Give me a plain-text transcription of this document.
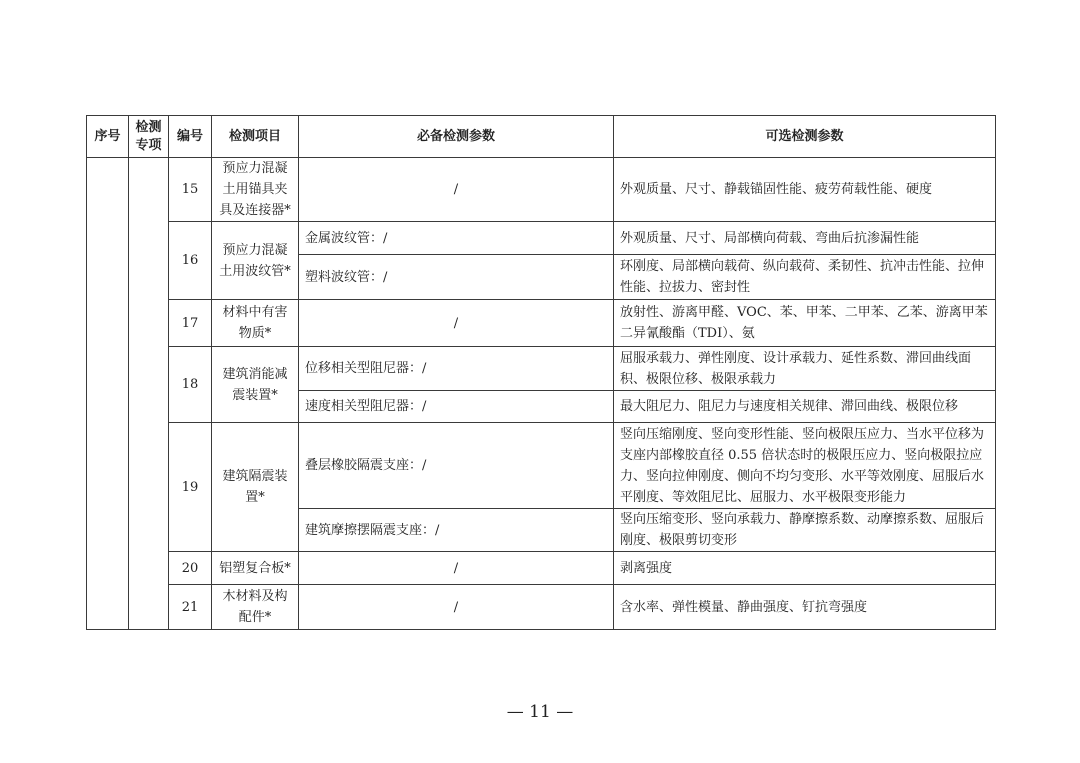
序号	检测专项	编号	检测项目	必备检测参数	可选检测参数
		15	预应力混凝土用锚具夹具及连接器*	/	外观质量、尺寸、静载锚固性能、疲劳荷载性能、硬度
		16	预应力混凝土用波纹管*	金属波纹管：/	外观质量、尺寸、局部横向荷载、弯曲后抗渗漏性能
				塑料波纹管：/	环刚度、局部横向载荷、纵向载荷、柔韧性、抗冲击性能、拉伸性能、拉拔力、密封性
		17	材料中有害物质*	/	放射性、游离甲醛、VOC、苯、甲苯、二甲苯、乙苯、游离甲苯二异氰酸酯（TDI）、氨
		18	建筑消能减震装置*	位移相关型阻尼器：/	屈服承载力、弹性刚度、设计承载力、延性系数、滞回曲线面积、极限位移、极限承载力
				速度相关型阻尼器：/	最大阻尼力、阻尼力与速度相关规律、滞回曲线、极限位移
		19	建筑隔震装置*	叠层橡胶隔震支座：/	竖向压缩刚度、竖向变形性能、竖向极限压应力、当水平位移为支座内部橡胶直径 0.55 倍状态时的极限压应力、竖向极限拉应力、竖向拉伸刚度、侧向不均匀变形、水平等效刚度、屈服后水平刚度、等效阻尼比、屈服力、水平极限变形能力
				建筑摩擦摆隔震支座：/	竖向压缩变形、竖向承载力、静摩擦系数、动摩擦系数、屈服后刚度、极限剪切变形
		20	铝塑复合板*	/	剥离强度
		21	木材料及构配件*	/	含水率、弹性模量、静曲强度、钉抗弯强度
— 11 —
